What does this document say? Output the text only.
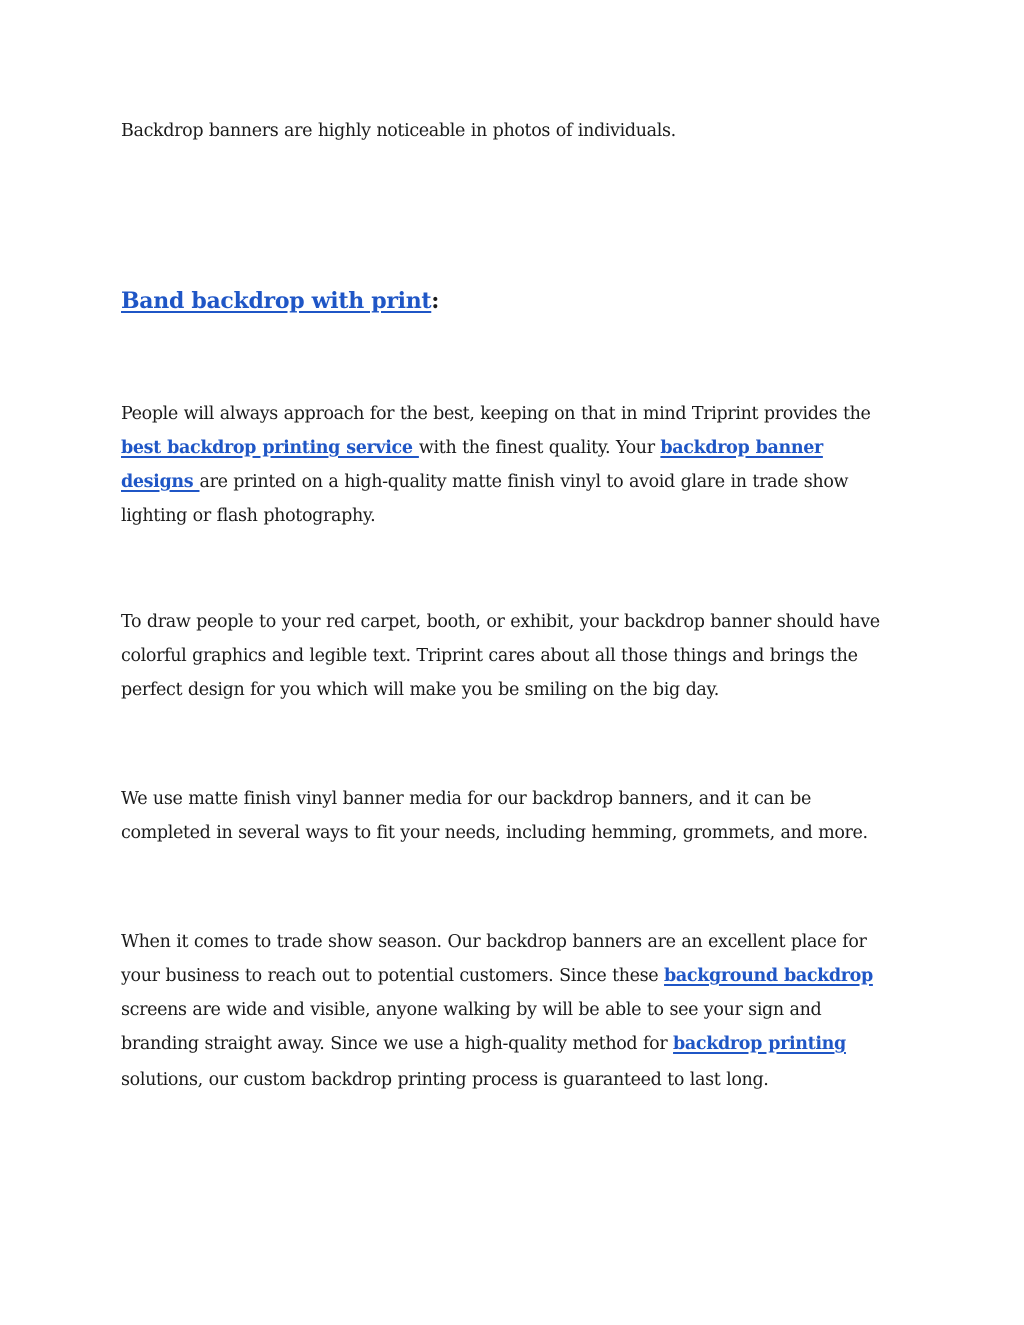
Backdrop banners are highly noticeable in photos of individuals.

Band backdrop with print:

People will always approach for the best, keeping on that in mind Triprint provides the
best backdrop printing service with the finest quality. Your backdrop banner
designs are printed on a high-quality matte finish vinyl to avoid glare in trade show
lighting or flash photography.

To draw people to your red carpet, booth, or exhibit, your backdrop banner should have
colorful graphics and legible text. Triprint cares about all those things and brings the
perfect design for you which will make you be smiling on the big day.

We use matte finish vinyl banner media for our backdrop banners, and it can be
completed in several ways to fit your needs, including hemming, grommets, and more.

When it comes to trade show season. Our backdrop banners are an excellent place for
your business to reach out to potential customers. Since these background backdrop
screens are wide and visible, anyone walking by will be able to see your sign and
branding straight away. Since we use a high-quality method for backdrop printing
solutions, our custom backdrop printing process is guaranteed to last long.
